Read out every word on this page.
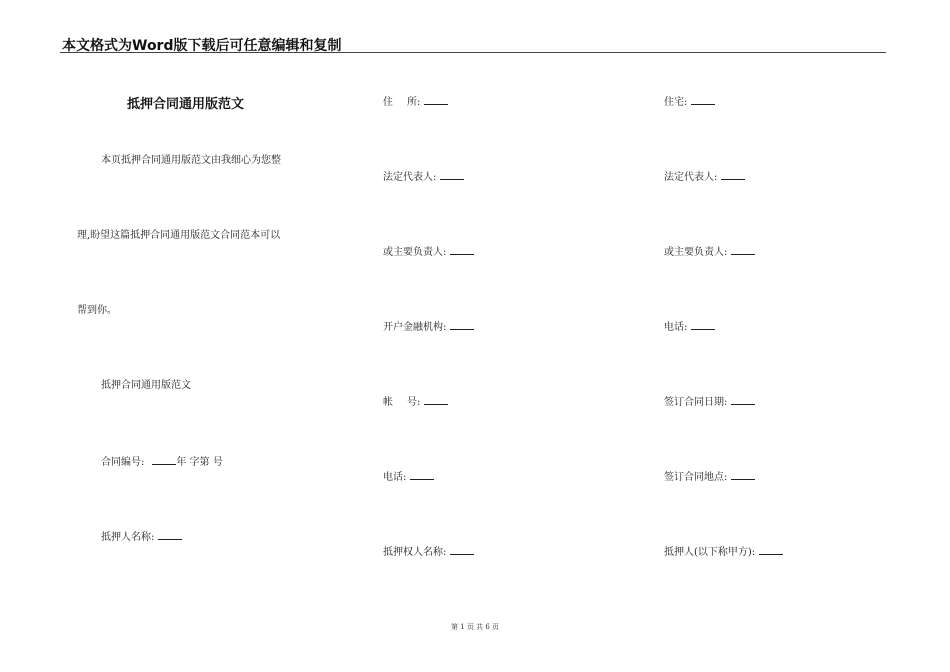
本文格式为Word版下载后可任意编辑和复制
抵押合同通用版范文
本页抵押合同通用版范文由我细心为您整
理,盼望这篇抵押合同通用版范文合同范本可以
帮到你。
抵押合同通用版范文
合同编号:	年 字第 号
抵押人名称:
住 所:
法定代表人:
或主要负责人:
开户金融机构:
帐 号:
电话:
抵押权人名称:
住宅:
法定代表人:
或主要负责人:
电话:
签订合同日期:
签订合同地点:
抵押人(以下称甲方):
第 1 页 共 6 页
